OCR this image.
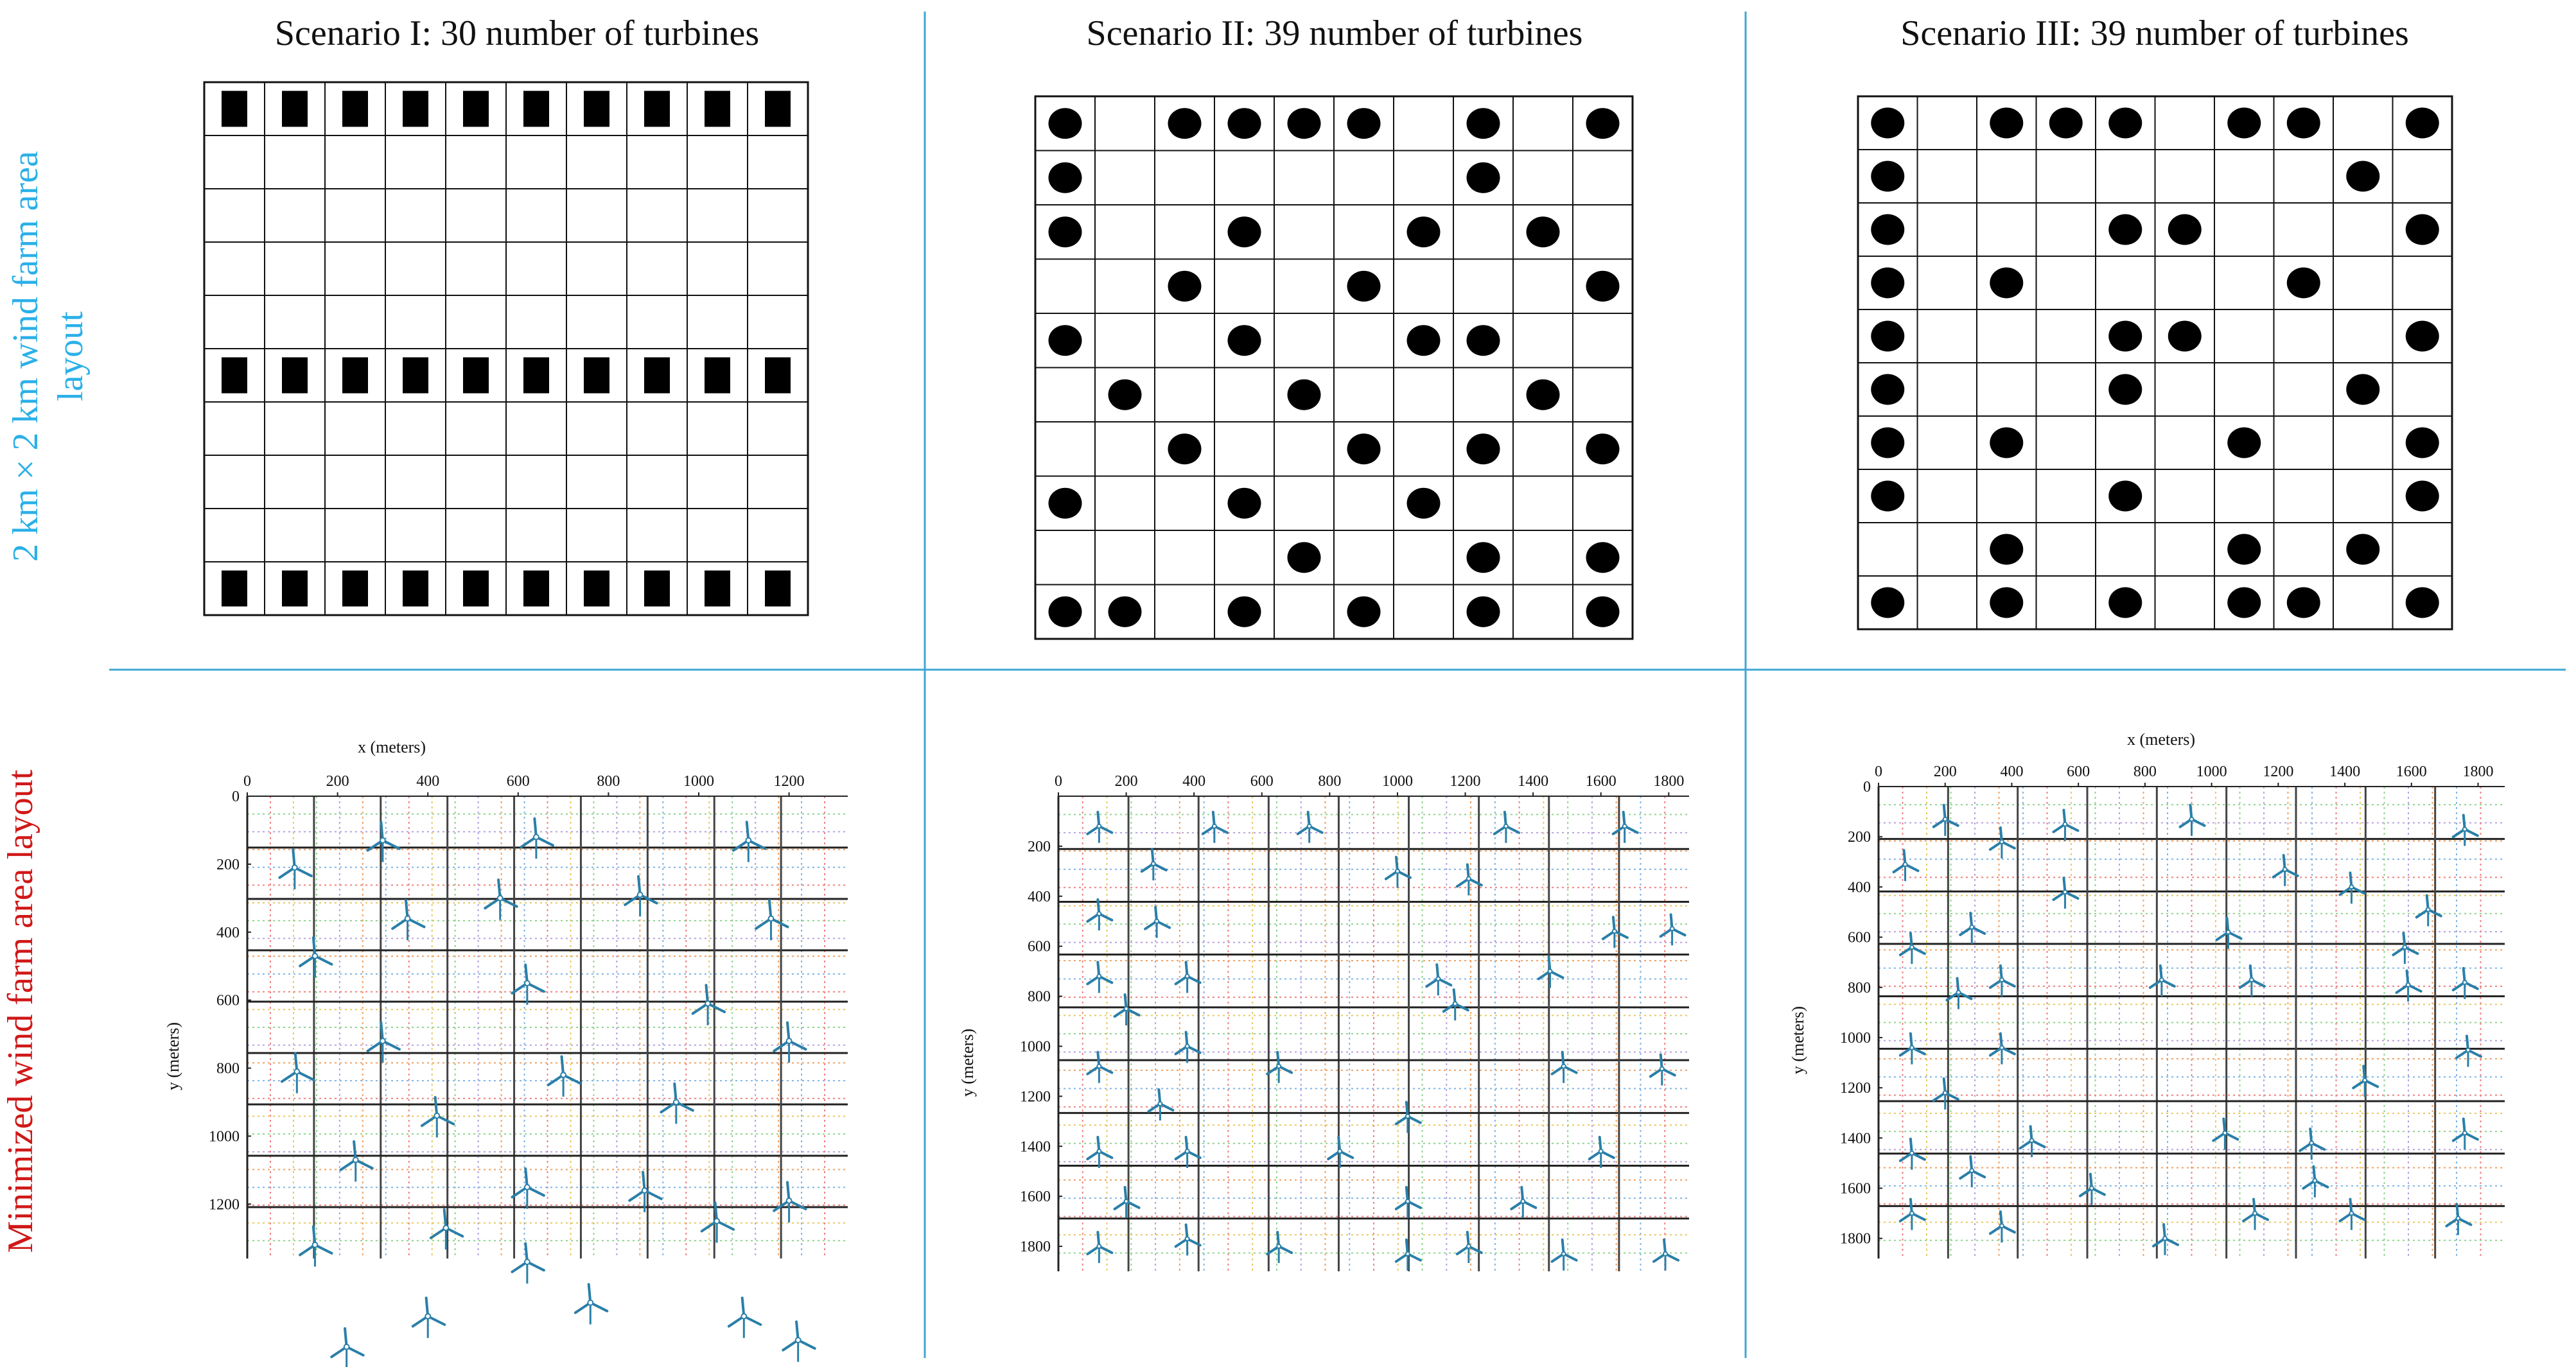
2 km × 2 km wind farm area layout
Minimized wind farm area layout
Scenario I: 30 number of turbines	Scenario II: 39 number of turbines	Scenario III: 39 number of turbines
x (meters)
y (meters)
0	200	400	600	800	1000	1200
0
200
400
600
800
1000
1200
y (meters)
0	200	400	600	800	1000 1200 1400 1600 1800
200
400
600
800
1000
1200
1400
1600
1800
x (meters)
y (meters)
0	200	400	600	800	1000 1200 1400 1600 1800
0
200
400
600
800
1000
1200
1400
1600
1800
